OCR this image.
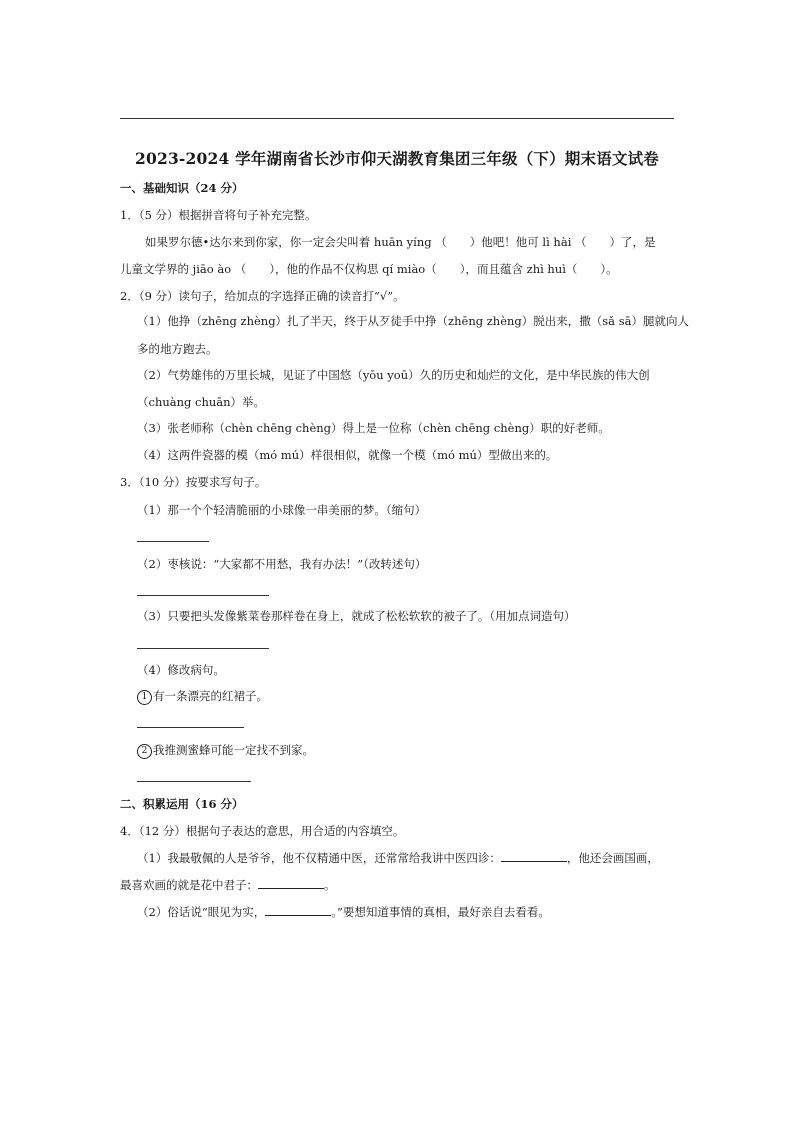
2023-2024 学年湖南省长沙市仰天湖教育集团三年级（下）期末语文试卷
一、基础知识（24 分）
1．（5 分）根据拼音将句子补充完整。
如果罗尔德•达尔来到你家，你一定会尖叫着 huān yíng （　　）他吧！他可 lì hài （　　）了，是
儿童文学界的 jiāo ào （　　），他的作品不仅构思 qí miào（　　），而且蕴含 zhì huì（　　）。
2．（9 分）读句子，给加点的字选择正确的读音打“√”。
（1）他挣（zhēng zhèng）扎了半天，终于从歹徒手中挣（zhēng zhèng）脱出来，撒（sǎ sā）腿就向人
多的地方跑去。
（2）气势雄伟的万里长城，见证了中国悠（yōu yoū）久的历史和灿烂的文化，是中华民族的伟大创
（chuàng chuān）举。
（3）张老师称（chèn chēng chèng）得上是一位称（chèn chēng chèng）职的好老师。
（4）这两件瓷器的模（mó mú）样很相似，就像一个模（mó mú）型做出来的。
3．（10 分）按要求写句子。
（1）那一个个轻清脆丽的小球像一串美丽的梦。（缩句）
（2）枣核说：“大家都不用愁，我有办法！”（改转述句）
（3）只要把头发像紫菜卷那样卷在身上，就成了松松软软的被子了。（用加点词造句）
（4）修改病句。
1 有一条漂亮的红裙子。
2 我推测蜜蜂可能一定找不到家。
二、积累运用（16 分）
4．（12 分）根据句子表达的意思，用合适的内容填空。
（1）我最敬佩的人是爷爷，他不仅精通中医，还常常给我讲中医四诊：	，他还会画国画，
最喜欢画的就是花中君子：	。
（2）俗话说“眼见为实，	。”要想知道事情的真相，最好亲自去看看。
